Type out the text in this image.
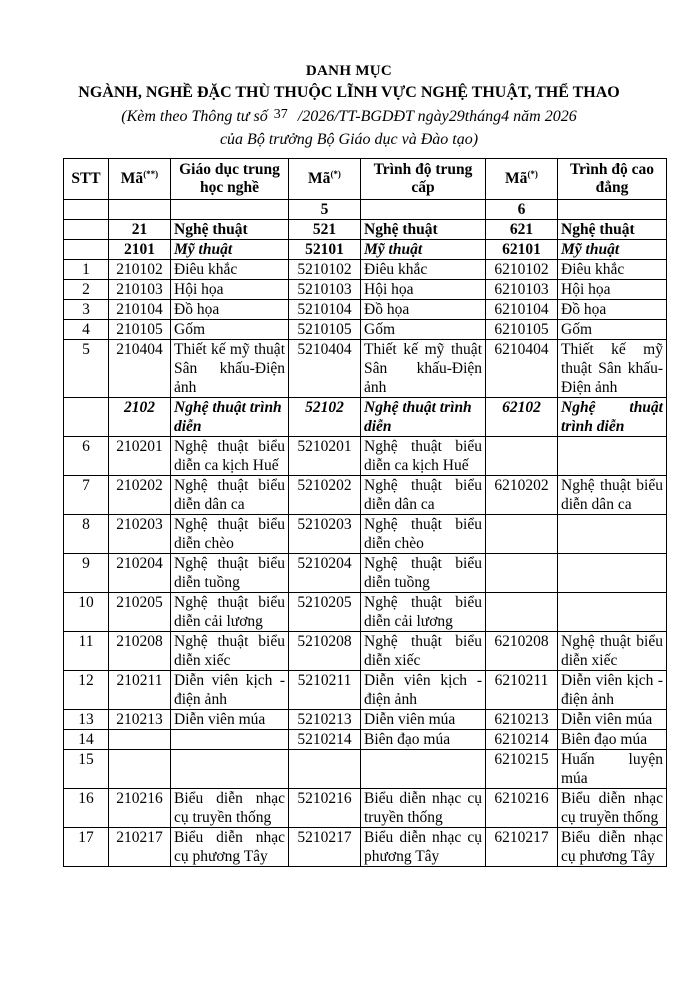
DANH MỤC
NGÀNH, NGHỀ ĐẶC THÙ THUỘC LĨNH VỰC NGHỆ THUẬT, THỂ THAO
(Kèm theo Thông tư số 37 /2026/TT-BGDĐT ngày29tháng4 năm 2026
của Bộ trưởng Bộ Giáo dục và Đào tạo)
STT	Mã(**)	Giáo dục trung học nghề	Mã(*)	Trình độ trung cấp	Mã(*)	Trình độ cao đẳng
			5		6	
	21	Nghệ thuật	521	Nghệ thuật	621	Nghệ thuật
	2101	Mỹ thuật	52101	Mỹ thuật	62101	Mỹ thuật
1	210102	Điêu khắc	5210102	Điêu khắc	6210102	Điêu khắc
2	210103	Hội họa	5210103	Hội họa	6210103	Hội họa
3	210104	Đồ họa	5210104	Đồ họa	6210104	Đồ họa
4	210105	Gốm	5210105	Gốm	6210105	Gốm
5	210404	Thiết kế mỹ thuật Sân khấu-Điện ảnh	5210404	Thiết kế mỹ thuật Sân khấu-Điện ảnh	6210404	Thiết kế mỹ thuật Sân khấu-Điện ảnh
	2102	Nghệ thuật trình diễn	52102	Nghệ thuật trình diễn	62102	Nghệ thuật trình diễn
6	210201	Nghệ thuật biểu diễn ca kịch Huế	5210201	Nghệ thuật biểu diễn ca kịch Huế		
7	210202	Nghệ thuật biểu diễn dân ca	5210202	Nghệ thuật biểu diễn dân ca	6210202	Nghệ thuật biểu diễn dân ca
8	210203	Nghệ thuật biểu diễn chèo	5210203	Nghệ thuật biểu diễn chèo		
9	210204	Nghệ thuật biểu diễn tuồng	5210204	Nghệ thuật biểu diễn tuồng		
10	210205	Nghệ thuật biểu diễn cải lương	5210205	Nghệ thuật biểu diễn cải lương		
11	210208	Nghệ thuật biểu diễn xiếc	5210208	Nghệ thuật biểu diễn xiếc	6210208	Nghệ thuật biểu diễn xiếc
12	210211	Diễn viên kịch - điện ảnh	5210211	Diễn viên kịch - điện ảnh	6210211	Diễn viên kịch - điện ảnh
13	210213	Diễn viên múa	5210213	Diễn viên múa	6210213	Diễn viên múa
14			5210214	Biên đạo múa	6210214	Biên đạo múa
15					6210215	Huấn luyện múa
16	210216	Biểu diễn nhạc cụ truyền thống	5210216	Biểu diễn nhạc cụ truyền thống	6210216	Biểu diễn nhạc cụ truyền thống
17	210217	Biểu diễn nhạc cụ phương Tây	5210217	Biểu diễn nhạc cụ phương Tây	6210217	Biểu diễn nhạc cụ phương Tây
